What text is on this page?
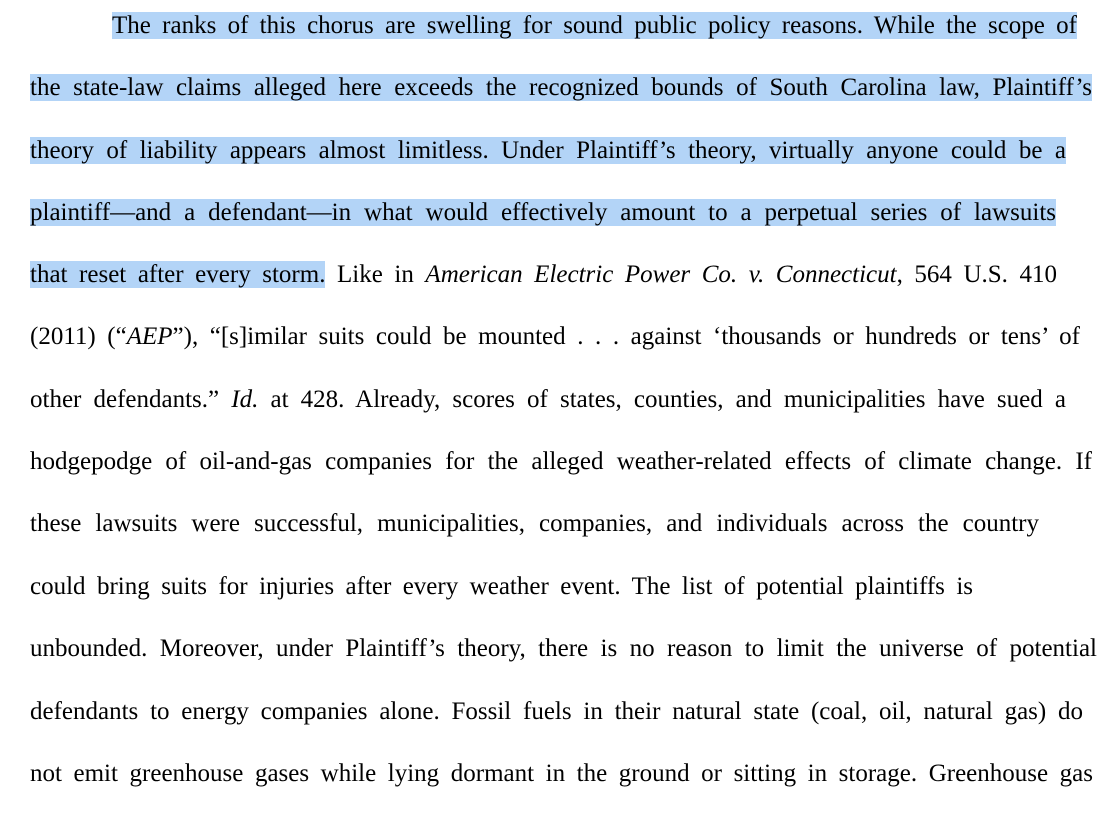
The ranks of this chorus are swelling for sound public policy reasons. While the scope of
the state-law claims alleged here exceeds the recognized bounds of South Carolina law, Plaintiff’s
theory of liability appears almost limitless. Under Plaintiff’s theory, virtually anyone could be a
plaintiff—and a defendant—in what would effectively amount to a perpetual series of lawsuits
that reset after every storm. Like in American Electric Power Co. v. Connecticut, 564 U.S. 410
(2011) (“AEP”), “[s]imilar suits could be mounted . . . against ‘thousands or hundreds or tens’ of
other defendants.” Id. at 428. Already, scores of states, counties, and municipalities have sued a
hodgepodge of oil-and-gas companies for the alleged weather-related effects of climate change. If
these lawsuits were successful, municipalities, companies, and individuals across the country
could bring suits for injuries after every weather event. The list of potential plaintiffs is
unbounded. Moreover, under Plaintiff’s theory, there is no reason to limit the universe of potential
defendants to energy companies alone. Fossil fuels in their natural state (coal, oil, natural gas) do
not emit greenhouse gases while lying dormant in the ground or sitting in storage. Greenhouse gas
